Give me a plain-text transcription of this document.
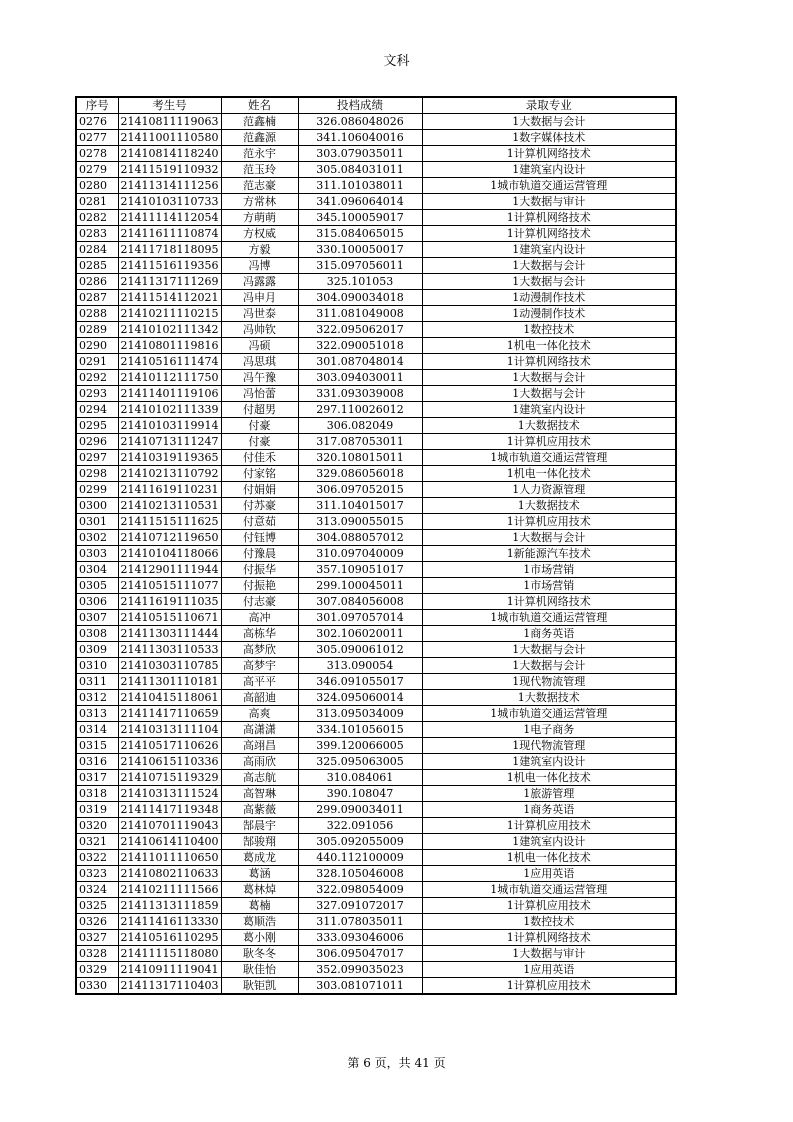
文科
序号	考生号	姓名	投档成绩	录取专业
0276	21410811119063	范鑫楠	326.086048026	1大数据与会计
0277	21411001110580	范鑫源	341.106040016	1数字媒体技术
0278	21410814118240	范永宇	303.079035011	1计算机网络技术
0279	21411519110932	范玉玲	305.084031011	1建筑室内设计
0280	21411314111256	范志豪	311.101038011	1城市轨道交通运营管理
0281	21410103110733	方常林	341.096064014	1大数据与审计
0282	21411114112054	方萌萌	345.100059017	1计算机网络技术
0283	21411611110874	方权威	315.084065015	1计算机网络技术
0284	21411718118095	方毅	330.100050017	1建筑室内设计
0285	21411516119356	冯博	315.097056011	1大数据与会计
0286	21411317111269	冯露露	325.101053	1大数据与会计
0287	21411514112021	冯申月	304.090034018	1动漫制作技术
0288	21410211110215	冯世泰	311.081049008	1动漫制作技术
0289	21410102111342	冯帅钦	322.095062017	1数控技术
0290	21410801119816	冯硕	322.090051018	1机电一体化技术
0291	21410516111474	冯思琪	301.087048014	1计算机网络技术
0292	21410112111750	冯午豫	303.094030011	1大数据与会计
0293	21411401119106	冯怡蕾	331.093039008	1大数据与会计
0294	21410102111339	付超男	297.110026012	1建筑室内设计
0295	21410103119914	付豪	306.082049	1大数据技术
0296	21410713111247	付豪	317.087053011	1计算机应用技术
0297	21410319119365	付佳禾	320.108015011	1城市轨道交通运营管理
0298	21410213110792	付家铭	329.086056018	1机电一体化技术
0299	21411619110231	付娟娟	306.097052015	1人力资源管理
0300	21410213110531	付苏豪	311.104015017	1大数据技术
0301	21411515111625	付意茹	313.090055015	1计算机应用技术
0302	21410712119650	付钰博	304.088057012	1大数据与会计
0303	21410104118066	付豫晨	310.097040009	1新能源汽车技术
0304	21412901111944	付振华	357.109051017	1市场营销
0305	21410515111077	付振艳	299.100045011	1市场营销
0306	21411619111035	付志豪	307.084056008	1计算机网络技术
0307	21410515110671	高冲	301.097057014	1城市轨道交通运营管理
0308	21411303111444	高栋华	302.106020011	1商务英语
0309	21411303110533	高梦欣	305.090061012	1大数据与会计
0310	21410303110785	高梦宇	313.090054	1大数据与会计
0311	21411301110181	高平平	346.091055017	1现代物流管理
0312	21410415118061	高韶迪	324.095060014	1大数据技术
0313	21411417110659	高爽	313.095034009	1城市轨道交通运营管理
0314	21410313111104	高潇潇	334.101056015	1电子商务
0315	21410517110626	高翊昌	399.120066005	1现代物流管理
0316	21410615110336	高雨欣	325.095063005	1建筑室内设计
0317	21410715119329	高志航	310.084061	1机电一体化技术
0318	21410313111524	高智琳	390.108047	1旅游管理
0319	21411417119348	高紫薇	299.090034011	1商务英语
0320	21410701119043	郜晨宇	322.091056	1计算机应用技术
0321	21410614110400	郜骏翔	305.092055009	1建筑室内设计
0322	21411011110650	葛成龙	440.112100009	1机电一体化技术
0323	21410802110633	葛涵	328.105046008	1应用英语
0324	21410211111566	葛林焯	322.098054009	1城市轨道交通运营管理
0325	21411313111859	葛楠	327.091072017	1计算机应用技术
0326	21411416113330	葛顺浩	311.078035011	1数控技术
0327	21410516110295	葛小刚	333.093046006	1计算机网络技术
0328	21411115118080	耿冬冬	306.095047017	1大数据与审计
0329	21410911119041	耿佳怡	352.099035023	1应用英语
0330	21411317110403	耿钜凯	303.081071011	1计算机应用技术
第 6 页，共 41 页
